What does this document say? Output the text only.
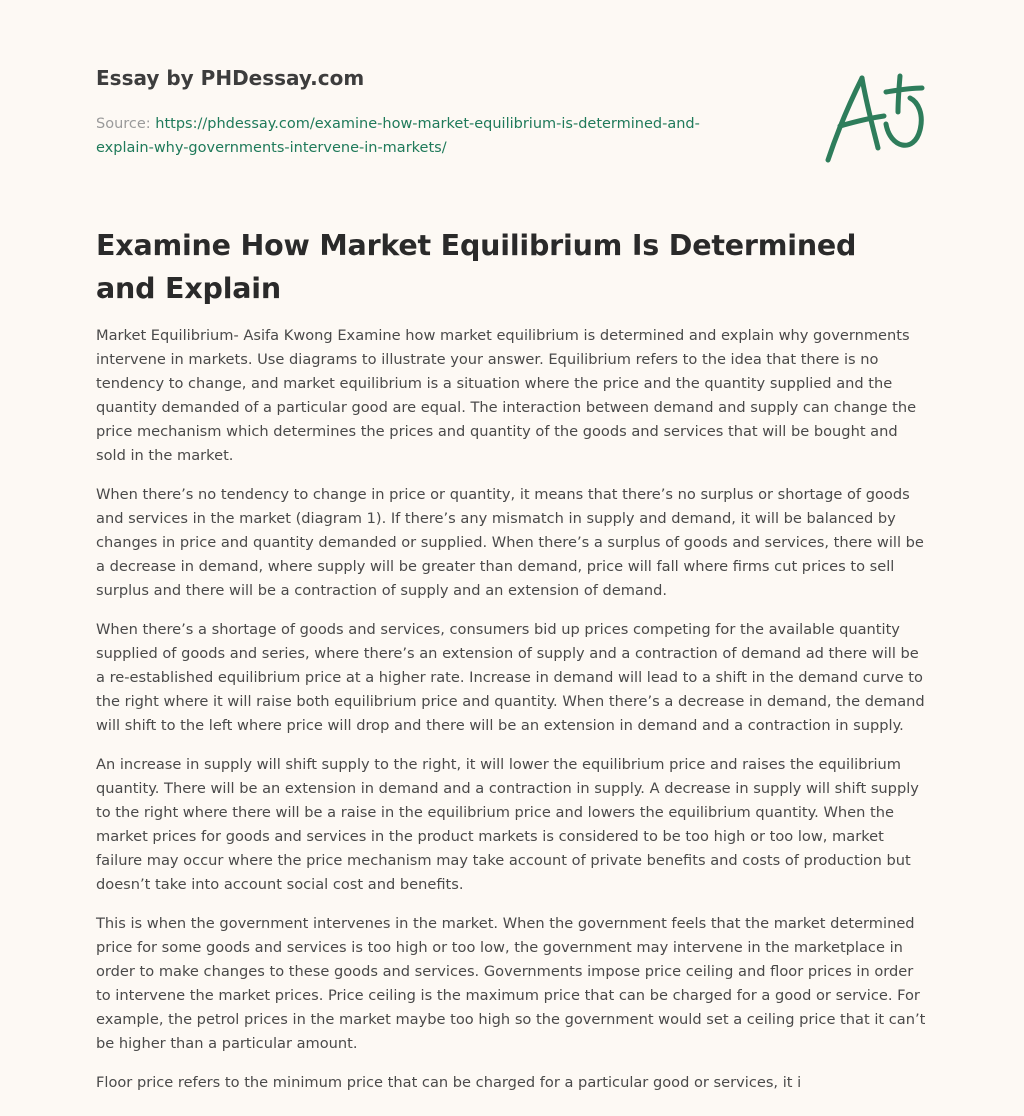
Essay by PHDessay.com
Source: https://phdessay.com/examine-how-market-equilibrium-is-determined-and-
explain-why-governments-intervene-in-markets/
Examine How Market Equilibrium Is Determined and Explain

Market Equilibrium- Asifa Kwong Examine how market equilibrium is determined and explain why governments intervene in markets. Use diagrams to illustrate your answer. Equilibrium refers to the idea that there is no tendency to change, and market equilibrium is a situation where the price and the quantity supplied and the quantity demanded of a particular good are equal. The interaction between demand and supply can change the price mechanism which determines the prices and quantity of the goods and services that will be bought and sold in the market.

When there’s no tendency to change in price or quantity, it means that there’s no surplus or shortage of goods and services in the market (diagram 1). If there’s any mismatch in supply and demand, it will be balanced by changes in price and quantity demanded or supplied. When there’s a surplus of goods and services, there will be a decrease in demand, where supply will be greater than demand, price will fall where firms cut prices to sell surplus and there will be a contraction of supply and an extension of demand.

When there’s a shortage of goods and services, consumers bid up prices competing for the available quantity supplied of goods and series, where there’s an extension of supply and a contraction of demand ad there will be a re-established equilibrium price at a higher rate. Increase in demand will lead to a shift in the demand curve to the right where it will raise both equilibrium price and quantity. When there’s a decrease in demand, the demand will shift to the left where price will drop and there will be an extension in demand and a contraction in supply.

An increase in supply will shift supply to the right, it will lower the equilibrium price and raises the equilibrium quantity. There will be an extension in demand and a contraction in supply. A decrease in supply will shift supply to the right where there will be a raise in the equilibrium price and lowers the equilibrium quantity. When the market prices for goods and services in the product markets is considered to be too high or too low, market failure may occur where the price mechanism may take account of private benefits and costs of production but doesn’t take into account social cost and benefits.

This is when the government intervenes in the market. When the government feels that the market determined price for some goods and services is too high or too low, the government may intervene in the marketplace in order to make changes to these goods and services. Governments impose price ceiling and floor prices in order to intervene the market prices. Price ceiling is the maximum price that can be charged for a good or service. For example, the petrol prices in the market maybe too high so the government would set a ceiling price that it can’t be higher than a particular amount.

Floor price refers to the minimum price that can be charged for a particular good or services, it i
